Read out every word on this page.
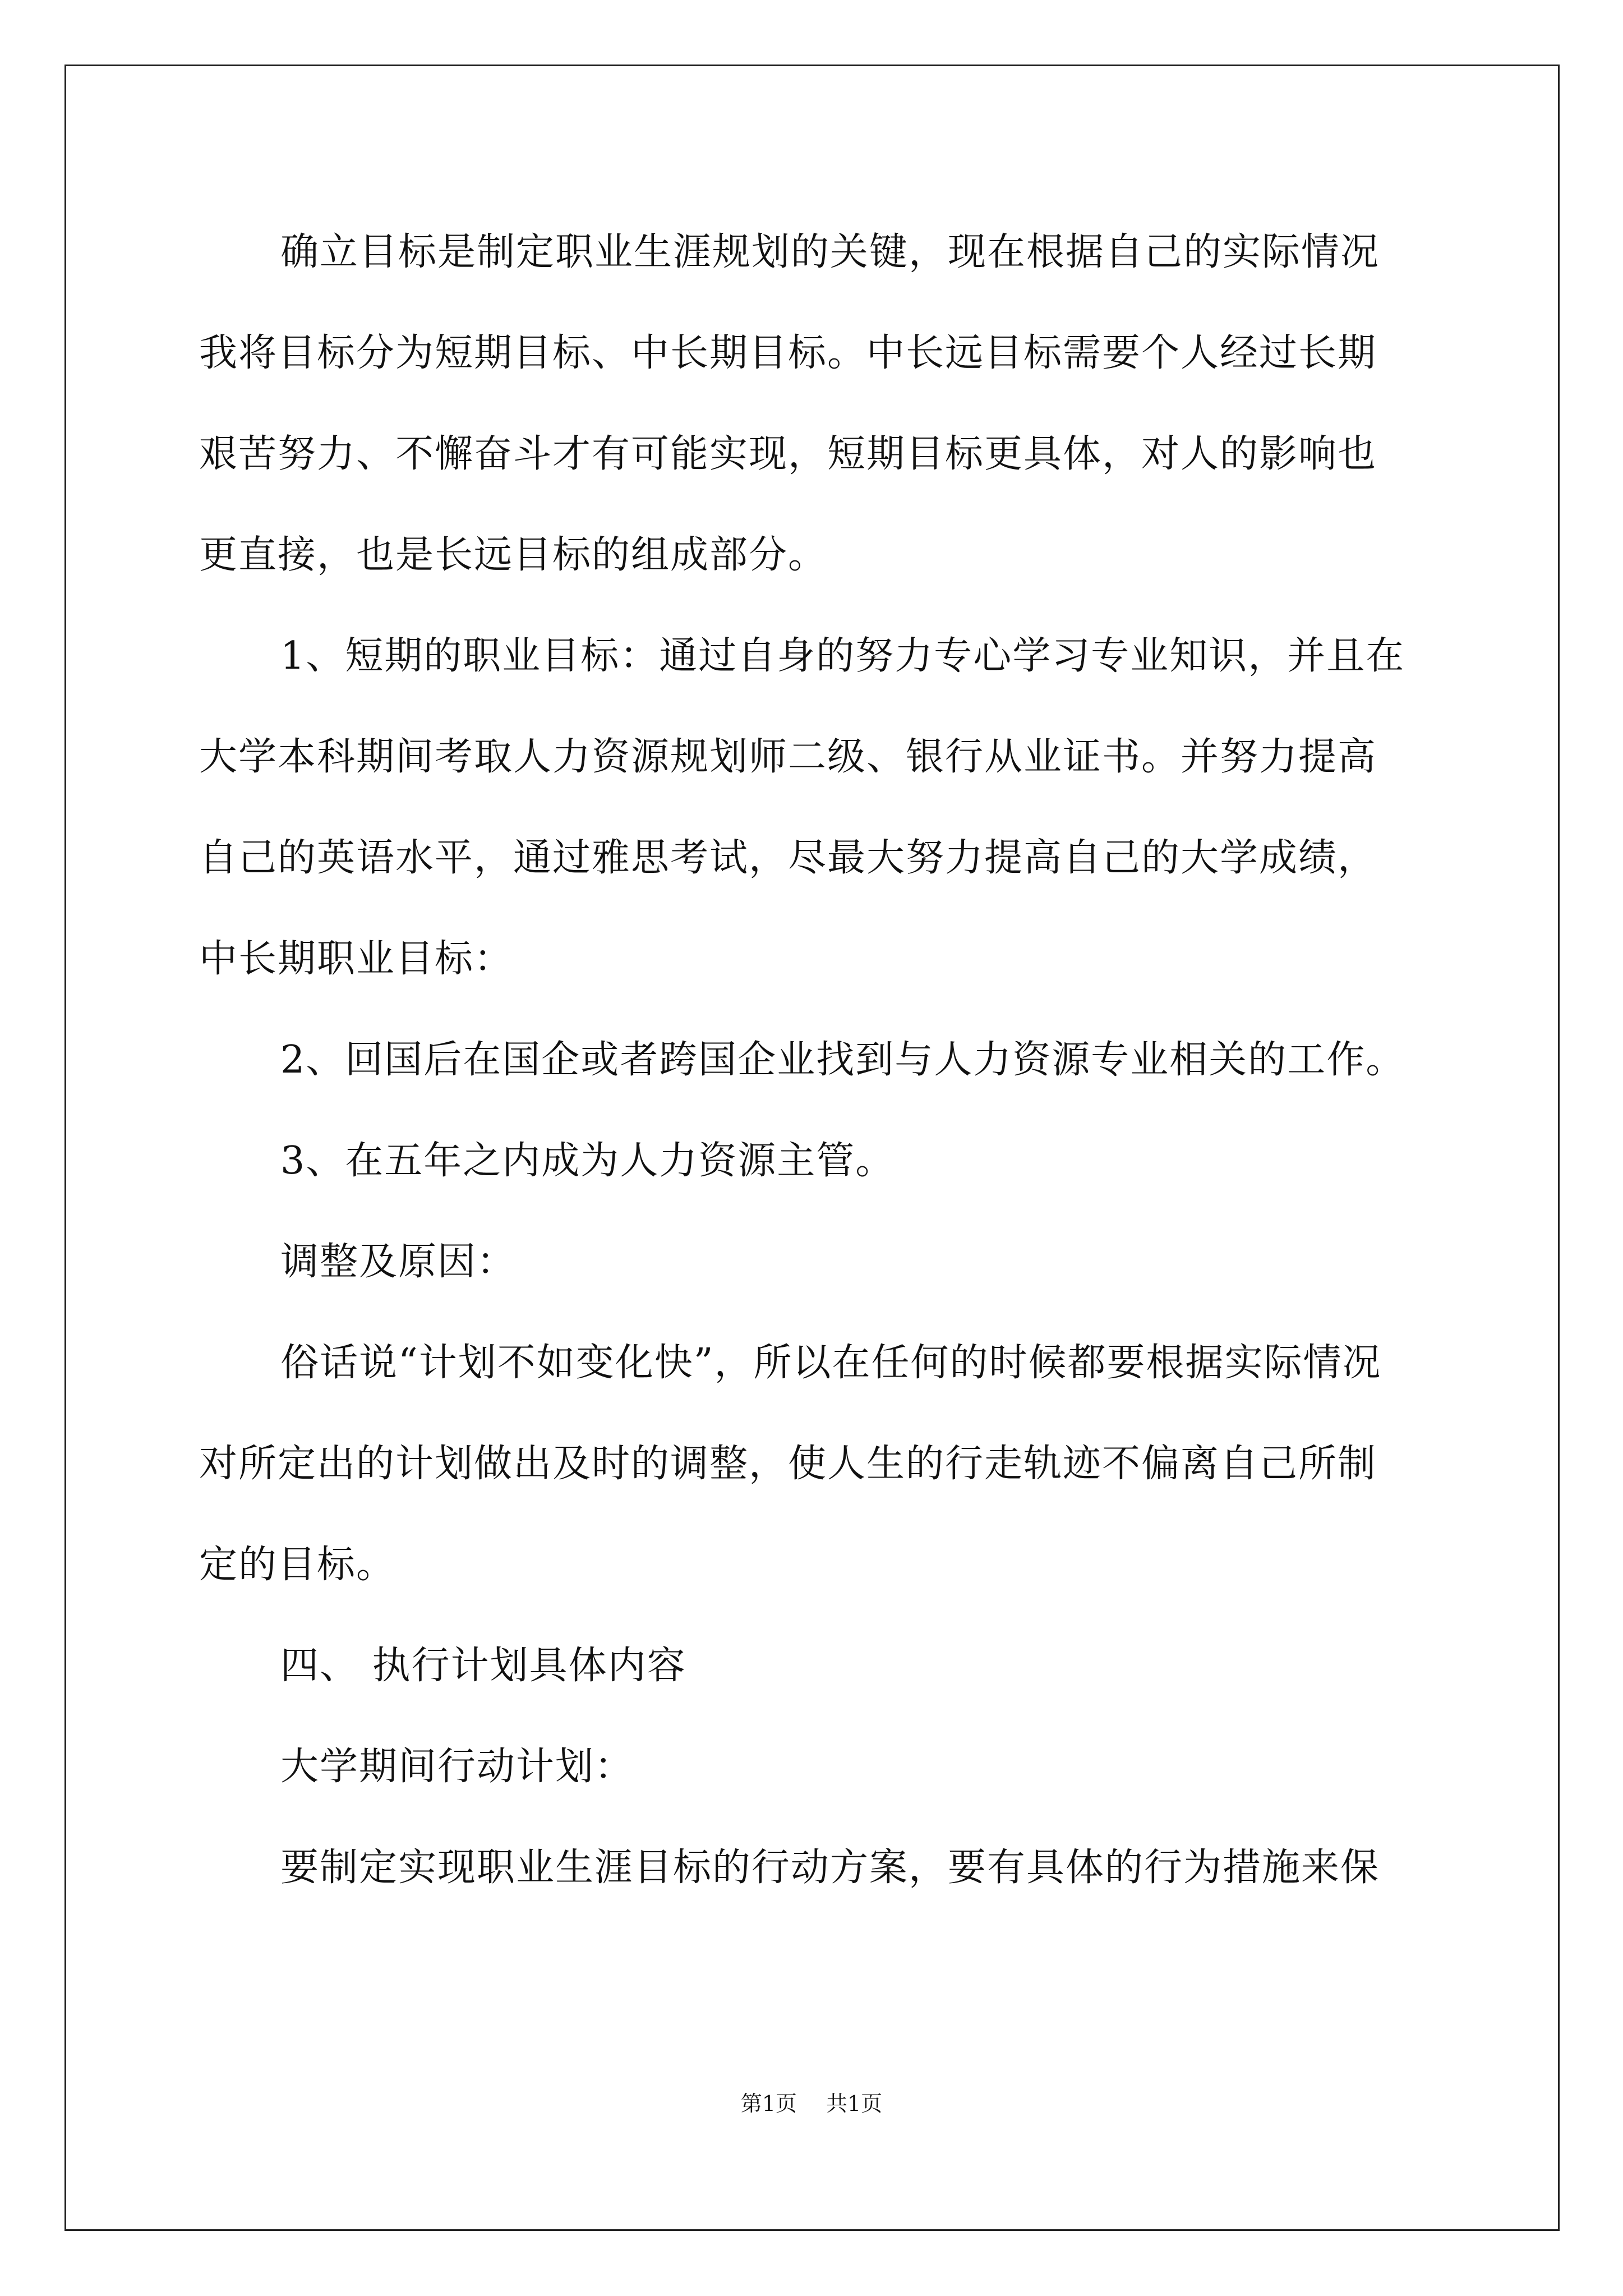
确立目标是制定职业生涯规划的关键，现在根据自己的实际情况
我将目标分为短期目标、中长期目标。中长远目标需要个人经过长期
艰苦努力、不懈奋斗才有可能实现，短期目标更具体，对人的影响也
更直接，也是长远目标的组成部分。
1、短期的职业目标：通过自身的努力专心学习专业知识，并且在
大学本科期间考取人力资源规划师二级、银行从业证书。并努力提高
自己的英语水平，通过雅思考试，尽最大努力提高自己的大学成绩，
中长期职业目标：
2、回国后在国企或者跨国企业找到与人力资源专业相关的工作。
3、在五年之内成为人力资源主管。
调整及原因：
俗话说“计划不如变化快”，所以在任何的时候都要根据实际情况
对所定出的计划做出及时的调整，使人生的行走轨迹不偏离自己所制
定的目标。
四、 执行计划具体内容
大学期间行动计划：
要制定实现职业生涯目标的行动方案，要有具体的行为措施来保
第1页 共1页
